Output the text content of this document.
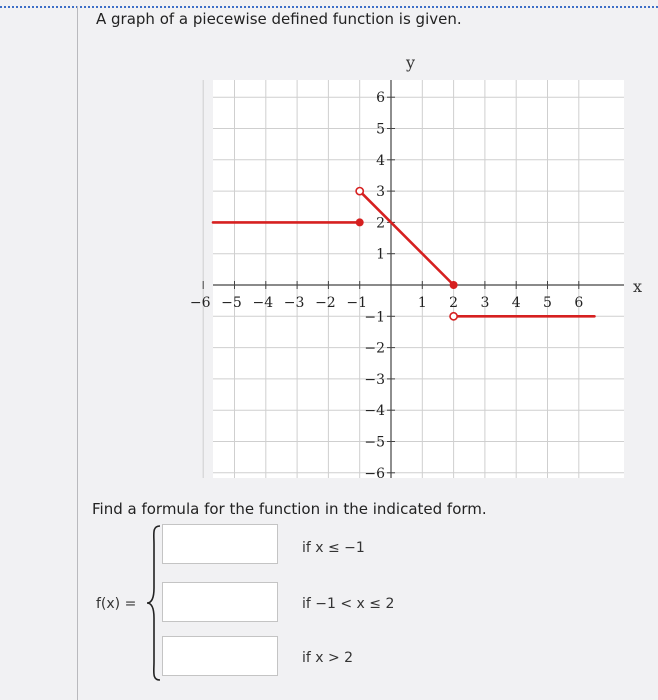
A graph of a piecewise defined function is given.
−6 −5 −4 −3 −2 −1	1 2 3 4 5 6
6
5
4
3
2
1
−1
−2
−3
−4
−5
−6
x
y
Find a formula for the function in the indicated form.
f(x) =
if x ≤ −1
if −1 < x ≤ 2
if x > 2
